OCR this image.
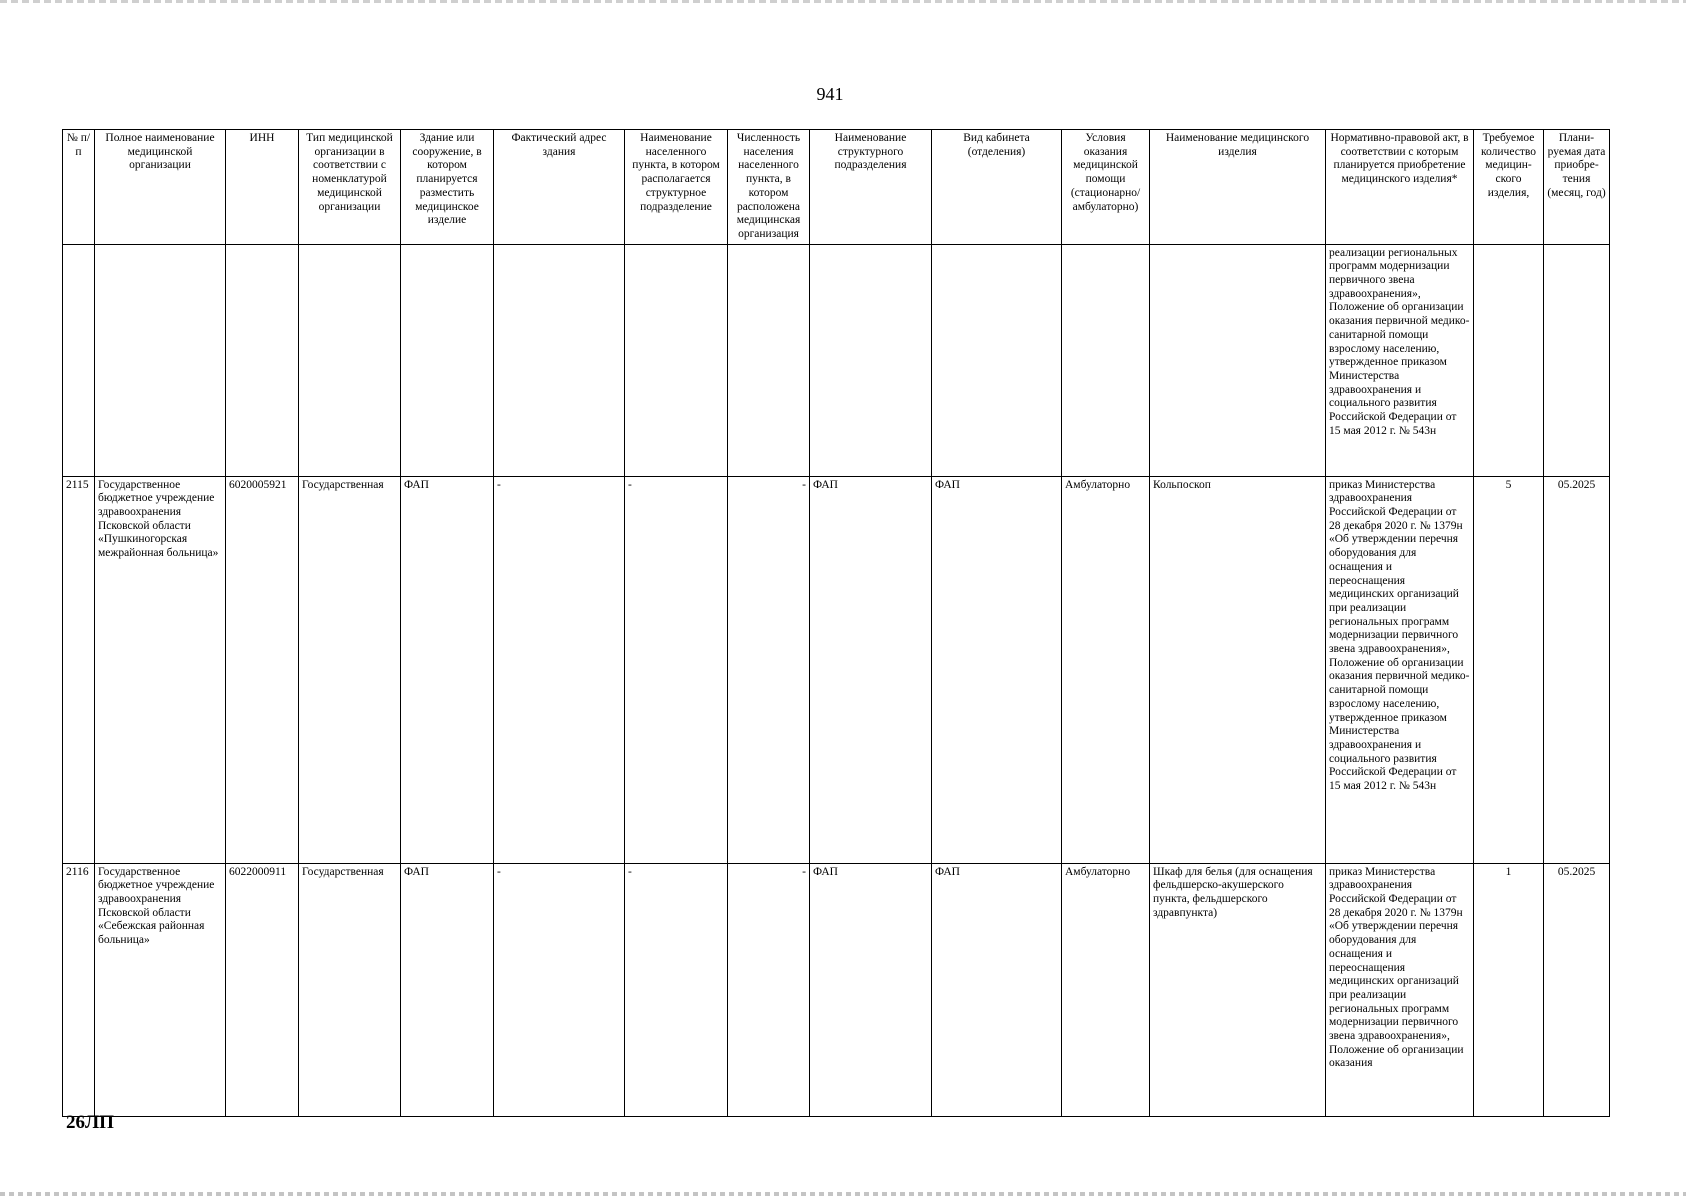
941
№ п/п	Полное наименование медицинской организации	ИНН	Тип медицинской организации в соответствии с номенклатурой медицинской организации	Здание или сооружение, в котором планируется разместить медицинское изделие	Фактический адрес здания	Наименование населенного пункта, в котором располагается структурное подразделение	Численность населения населенного пункта, в котором расположена медицинская организация	Наименование структурного подразделения	Вид кабинета (отделения)	Условия оказания медицинской помощи (стационарно/ амбулаторно)	Наименование медицинского изделия	Нормативно-правовой акт, в соответствии с которым планируется приобретение медицинского изделия*	Требуемое количество медицин-ского изделия,	Плани-руемая дата приобре-тения (месяц, год)
												реализации региональных программ модернизации первичного звена здравоохранения», Положение об организации оказания первичной медико-санитарной помощи взрослому населению, утвержденное приказом Министерства здравоохранения и социального развития Российской Федерации от 15 мая 2012 г. № 543н		
2115	Государственное бюджетное учреждение здравоохранения Псковской области «Пушкиногорская межрайонная больница»	6020005921	Государственная	ФАП	-	-	-	ФАП	ФАП	Амбулаторно	Кольпоскоп	приказ Министерства здравоохранения Российской Федерации от 28 декабря 2020 г. № 1379н «Об утверждении перечня оборудования для оснащения и переоснащения медицинских организаций при реализации региональных программ модернизации первичного звена здравоохранения», Положение об организации оказания первичной медико-санитарной помощи взрослому населению, утвержденное приказом Министерства здравоохранения и социального развития Российской Федерации от 15 мая 2012 г. № 543н	5	05.2025
2116	Государственное бюджетное учреждение здравоохранения Псковской области «Себежская районная больница»	6022000911	Государственная	ФАП	-	-	-	ФАП	ФАП	Амбулаторно	Шкаф для белья (для оснащения фельдшерско-акушерского пункта, фельдшерского здравпункта)	приказ Министерства здравоохранения Российской Федерации от 28 декабря 2020 г. № 1379н «Об утверждении перечня оборудования для оснащения и переоснащения медицинских организаций при реализации региональных программ модернизации первичного звена здравоохранения», Положение об организации оказания	1	05.2025
26ЛП
